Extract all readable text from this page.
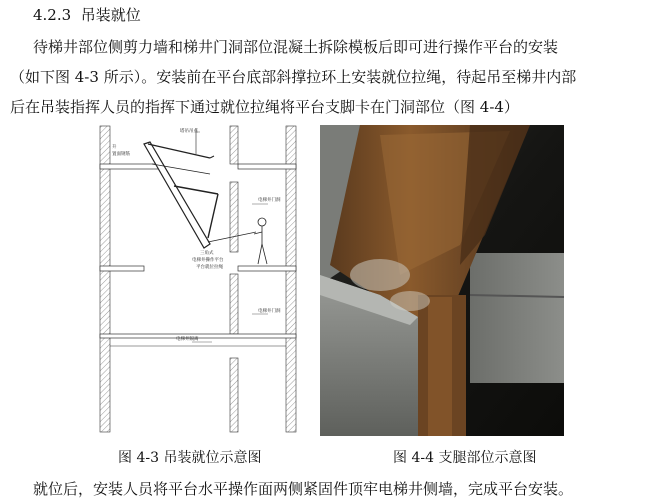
4.2.3 吊装就位
待梯井部位侧剪力墙和梯井门洞部位混凝土拆除模板后即可进行操作平台的安装
（如下图 4-3 所示）。安装前在平台底部斜撑拉环上安装就位拉绳，待起吊至梯井内部
后在吊装指挥人员的指挥下通过就位拉绳将平台支脚卡在门洞部位（图 4-4）
塔吊吊点
升
置面钢筋
电梯井门洞
三角式
电梯井操作平台
平台就位拉绳
电梯井门洞
电梯井隔离
图 4-3 吊装就位示意图	图 4-4 支腿部位示意图
就位后，安装人员将平台水平操作面两侧紧固件顶牢电梯井侧墙，完成平台安装。
